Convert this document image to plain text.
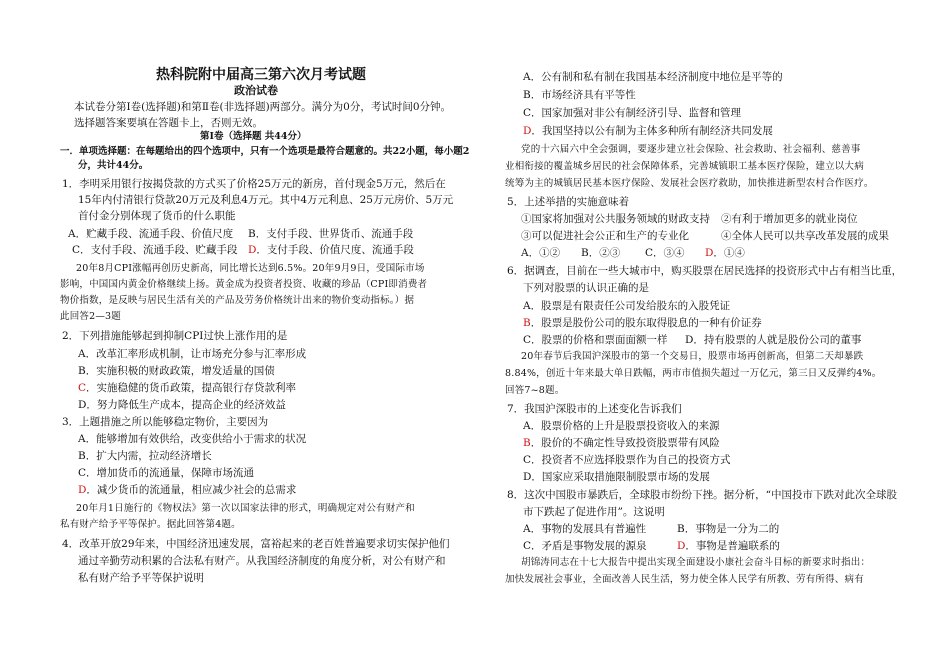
热科院附中届高三第六次月考试题
政治试卷
本试卷分第Ⅰ卷(选择题)和第Ⅱ卷(非选择题)两部分。满分为0分，考试时间0分钟。
选择题答案要填在答题卡上，否则无效。
第Ⅰ卷（选择题 共44分）
一．单项选择题：在每题给出的四个选项中，只有一个选项是最符合题意的。共22小题，每小题2
分，共计44分。
1．李明采用银行按揭贷款的方式买了价格25万元的新房，首付现金5万元，然后在
15年内付清银行贷款20万元及利息4万元。其中4万元利息、25万元房价、5万元
首付金分别体现了货币的什么职能
A．贮藏手段、流通手段、价值尺度 B．支付手段、世界货币、流通手段
C．支付手段、流通手段、贮藏手段 D．支付手段、价值尺度、流通手段
20年8月CPI涨幅再创历史新高，同比增长达到6.5%。20年9月9日，受国际市场
影响，中国国内黄金价格继续上扬。黄金成为投资者投资、收藏的珍品（CPI即消费者
物价指数，是反映与居民生活有关的产品及劳务价格统计出来的物价变动指标。）据
此回答2—3题
2．下列措施能够起到抑制CPI过快上涨作用的是
A．改革汇率形成机制，让市场充分参与汇率形成
B．实施积极的财政政策，增发适量的国债
C．实施稳健的货币政策，提高银行存贷款利率
D．努力降低生产成本，提高企业的经济效益
3．上题措施之所以能够稳定物价，主要因为
A．能够增加有效供给，改变供给小于需求的状况
B．扩大内需，拉动经济增长
C．增加货币的流通量，保障市场流通
D．减少货币的流通量，相应减少社会的总需求
20年月1日施行的《物权法》第一次以国家法律的形式，明确规定对公有财产和
私有财产给予平等保护。据此回答第4题。
4．改革开放29年来，中国经济迅速发展，富裕起来的老百姓普遍要求切实保护他们
通过辛勤劳动积累的合法私有财产。从我国经济制度的角度分析，对公有财产和
私有财产给予平等保护说明
A．公有制和私有制在我国基本经济制度中地位是平等的
B．市场经济具有平等性
C．国家加强对非公有制经济引导、监督和管理
D．我国坚持以公有制为主体多种所有制经济共同发展
党的十六届六中全会强调，要逐步建立社会保险、社会救助、社会福利、慈善事
业相衔接的覆盖城乡居民的社会保障体系，完善城镇职工基本医疗保险，建立以大病
统筹为主的城镇居民基本医疗保险、发展社会医疗救助，加快推进新型农村合作医疗。
5．上述举措的实施意味着
①国家将加强对公共服务领域的财政支持 ②有利于增加更多的就业岗位
③可以促进社会公正和生产的专业化	④全体人民可以共享改革发展的成果
A．①② B．②③ C．③④ D．①④
6．据调查，目前在一些大城市中，购买股票在居民选择的投资形式中占有相当比重，
下列对股票的认识正确的是
A．股票是有限责任公司发给股东的入股凭证
B．股票是股份公司的股东取得股息的一种有价证券
C．股票的价格和票面面额一样 D．持有股票的人就是股份公司的董事
20年春节后我国沪深股市的第一个交易日，股票市场再创新高，但第二天却暴跌
8.84%，创近十年来最大单日跌幅，两市市值损失超过一万亿元，第三日又反弹约4%。
回答7~8题。
7．我国沪深股市的上述变化告诉我们
A．股票价格的上升是股票投资收入的来源
B．股价的不确定性导致投资股票带有风险
C．投资者不应选择股票作为自己的投资方式
D．国家应采取措施限制股票市场的发展
8．这次中国股市暴跌后，全球股市纷纷下挫。据分析，“中国投市下跌对此次全球股
市下跌起了促进作用”。这说明
A．事物的发展具有普遍性	B．事物是一分为二的
C．矛盾是事物发展的源泉	D．事物是普遍联系的
胡锦涛同志在十七大报告中提出实现全面建设小康社会奋斗目标的新要求时指出：
加快发展社会事业，全面改善人民生活，努力使全体人民学有所教、劳有所得、病有
